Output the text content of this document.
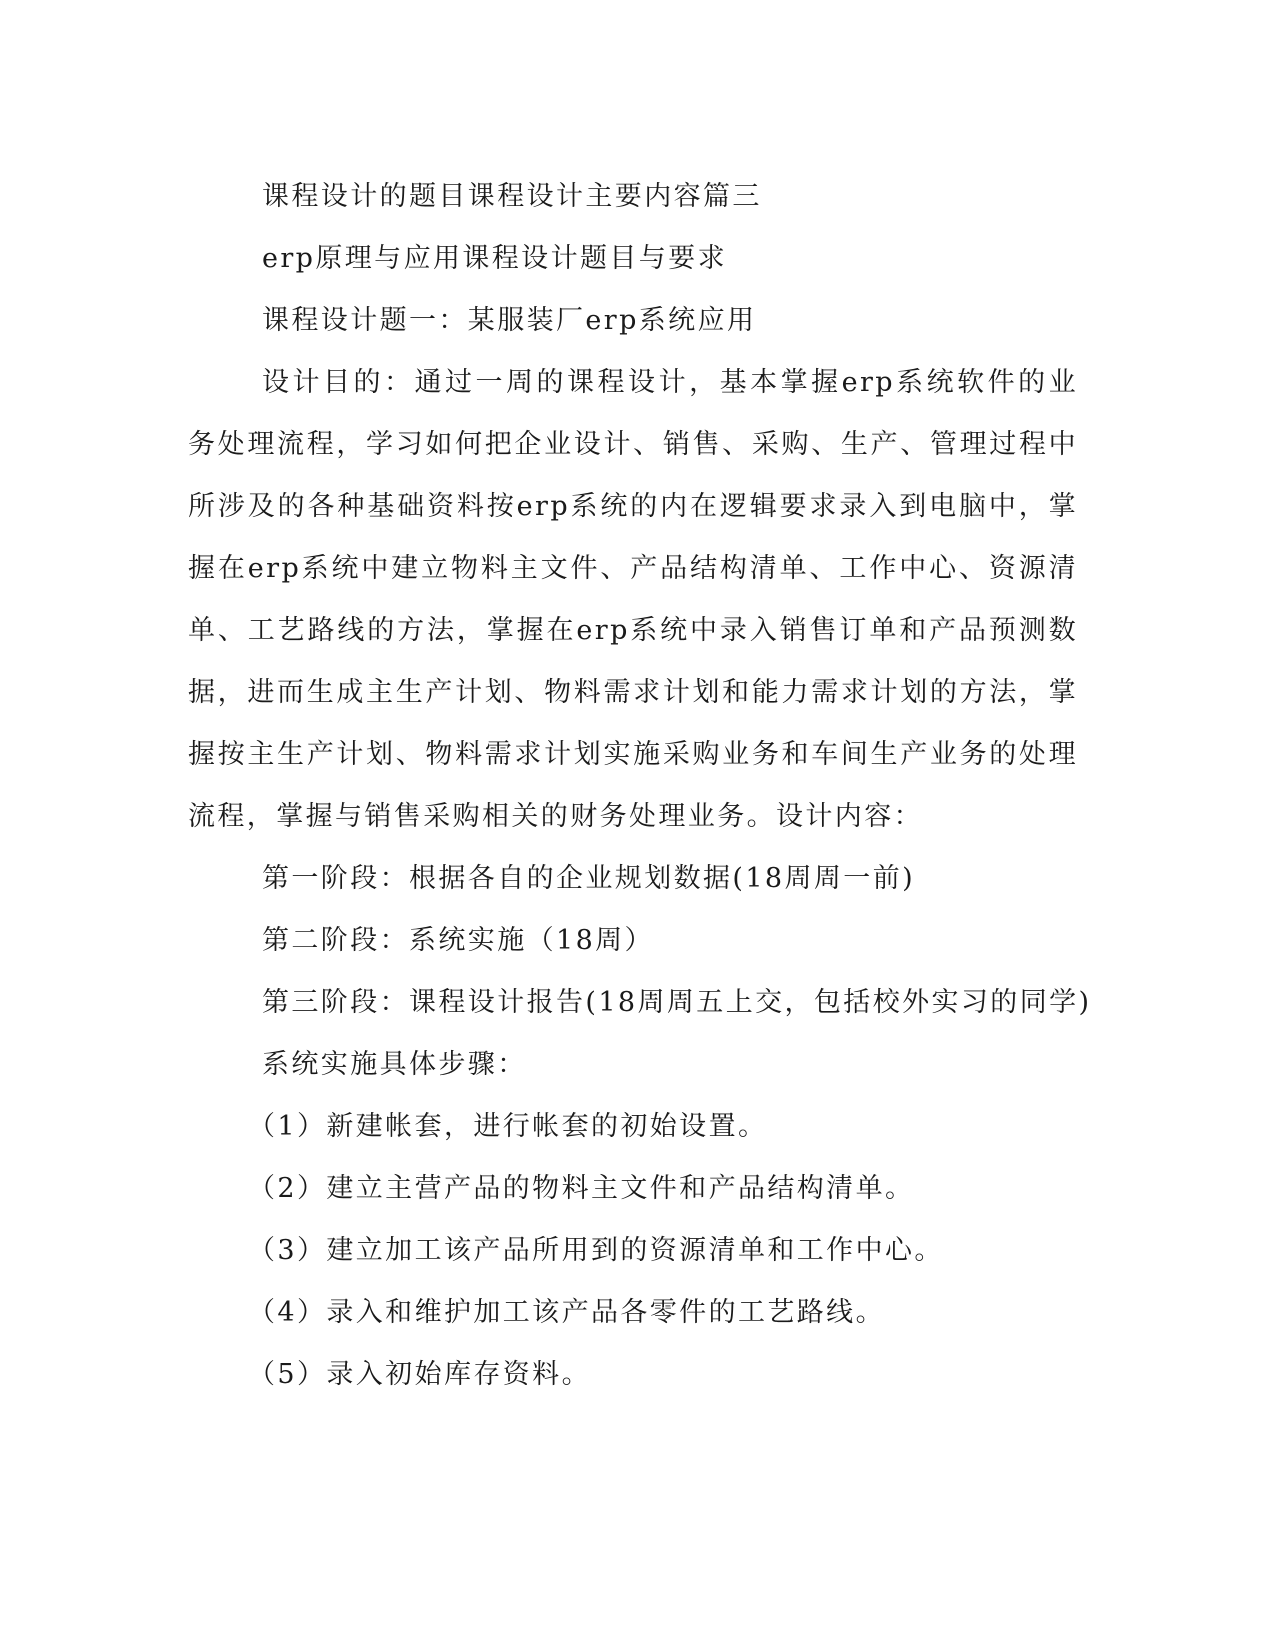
课程设计的题目课程设计主要内容篇三

erp原理与应用课程设计题目与要求

课程设计题一：某服装厂erp系统应用

设计目的：通过一周的课程设计，基本掌握erp系统软件的业务处理流程，学习如何把企业设计、销售、采购、生产、管理过程中所涉及的各种基础资料按erp系统的内在逻辑要求录入到电脑中，掌握在erp系统中建立物料主文件、产品结构清单、工作中心、资源清单、工艺路线的方法，掌握在erp系统中录入销售订单和产品预测数据，进而生成主生产计划、物料需求计划和能力需求计划的方法，掌握按主生产计划、物料需求计划实施采购业务和车间生产业务的处理流程，掌握与销售采购相关的财务处理业务。设计内容：

第一阶段：根据各自的企业规划数据(18周周一前)

第二阶段：系统实施（18周）

第三阶段：课程设计报告(18周周五上交，包括校外实习的同学)

系统实施具体步骤：

（1）新建帐套，进行帐套的初始设置。

（2）建立主营产品的物料主文件和产品结构清单。

（3）建立加工该产品所用到的资源清单和工作中心。

（4）录入和维护加工该产品各零件的工艺路线。

（5）录入初始库存资料。
